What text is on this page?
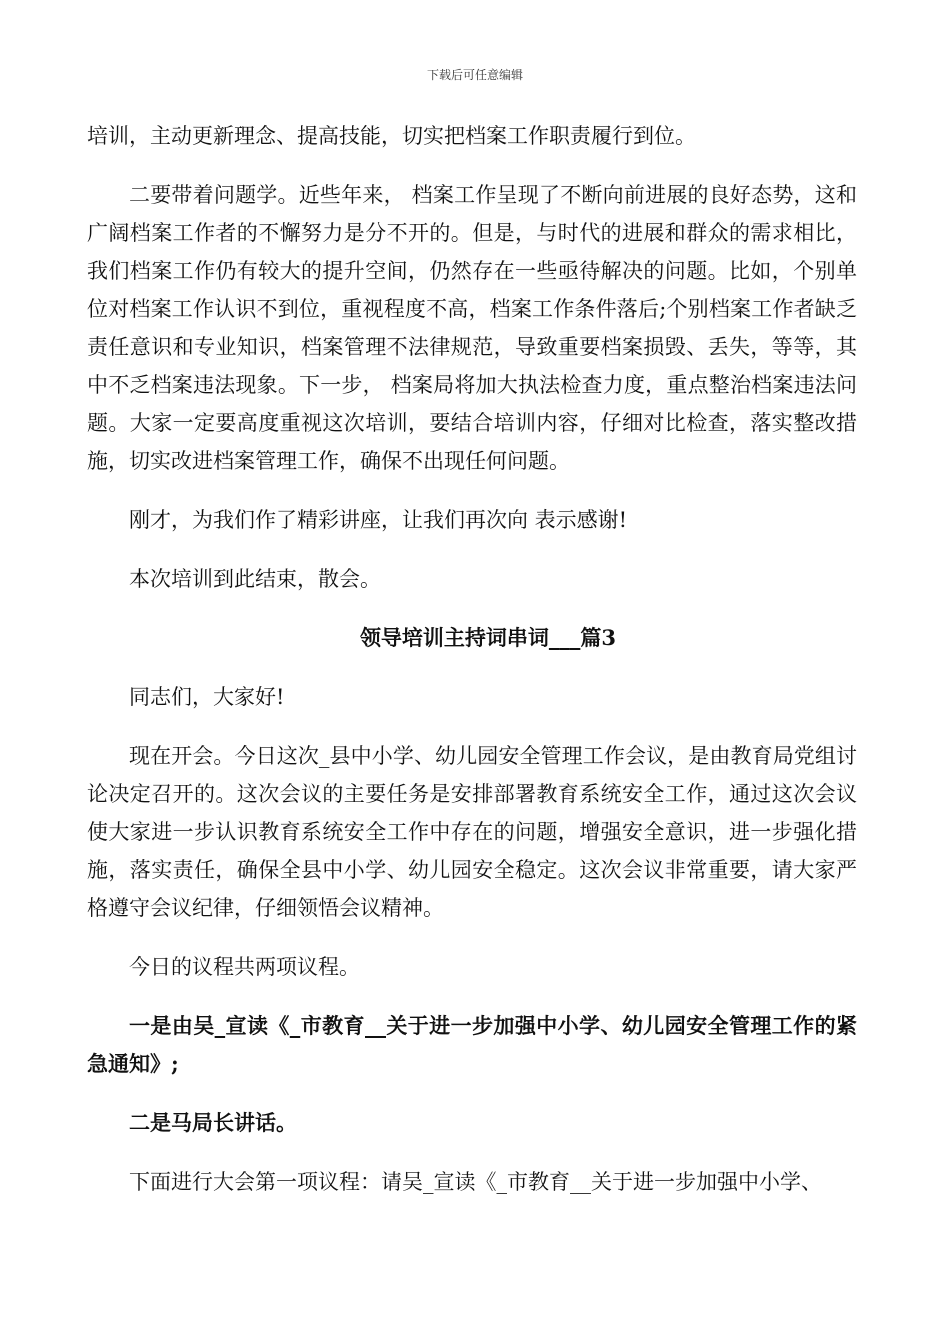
下载后可任意编辑

培训，主动更新理念、提高技能，切实把档案工作职责履行到位。

二要带着问题学。近些年来， 档案工作呈现了不断向前进展的良好态势，这和广阔档案工作者的不懈努力是分不开的。但是，与时代的进展和群众的需求相比，我们档案工作仍有较大的提升空间，仍然存在一些亟待解决的问题。比如，个别单位对档案工作认识不到位，重视程度不高，档案工作条件落后;个别档案工作者缺乏责任意识和专业知识，档案管理不法律规范，导致重要档案损毁、丢失，等等，其中不乏档案违法现象。下一步， 档案局将加大执法检查力度，重点整治档案违法问题。大家一定要高度重视这次培训，要结合培训内容，仔细对比检查，落实整改措施，切实改进档案管理工作，确保不出现任何问题。

刚才，为我们作了精彩讲座，让我们再次向 表示感谢!

本次培训到此结束，散会。

领导培训主持词串词___篇3

同志们，大家好!

现在开会。今日这次_县中小学、幼儿园安全管理工作会议，是由教育局党组讨论决定召开的。这次会议的主要任务是安排部署教育系统安全工作，通过这次会议使大家进一步认识教育系统安全工作中存在的问题，增强安全意识，进一步强化措施，落实责任，确保全县中小学、幼儿园安全稳定。这次会议非常重要，请大家严格遵守会议纪律，仔细领悟会议精神。

今日的议程共两项议程。

一是由吴_宣读《_市教育__关于进一步加强中小学、幼儿园安全管理工作的紧急通知》;

二是马局长讲话。

下面进行大会第一项议程：请吴_宣读《_市教育__关于进一步加强中小学、
